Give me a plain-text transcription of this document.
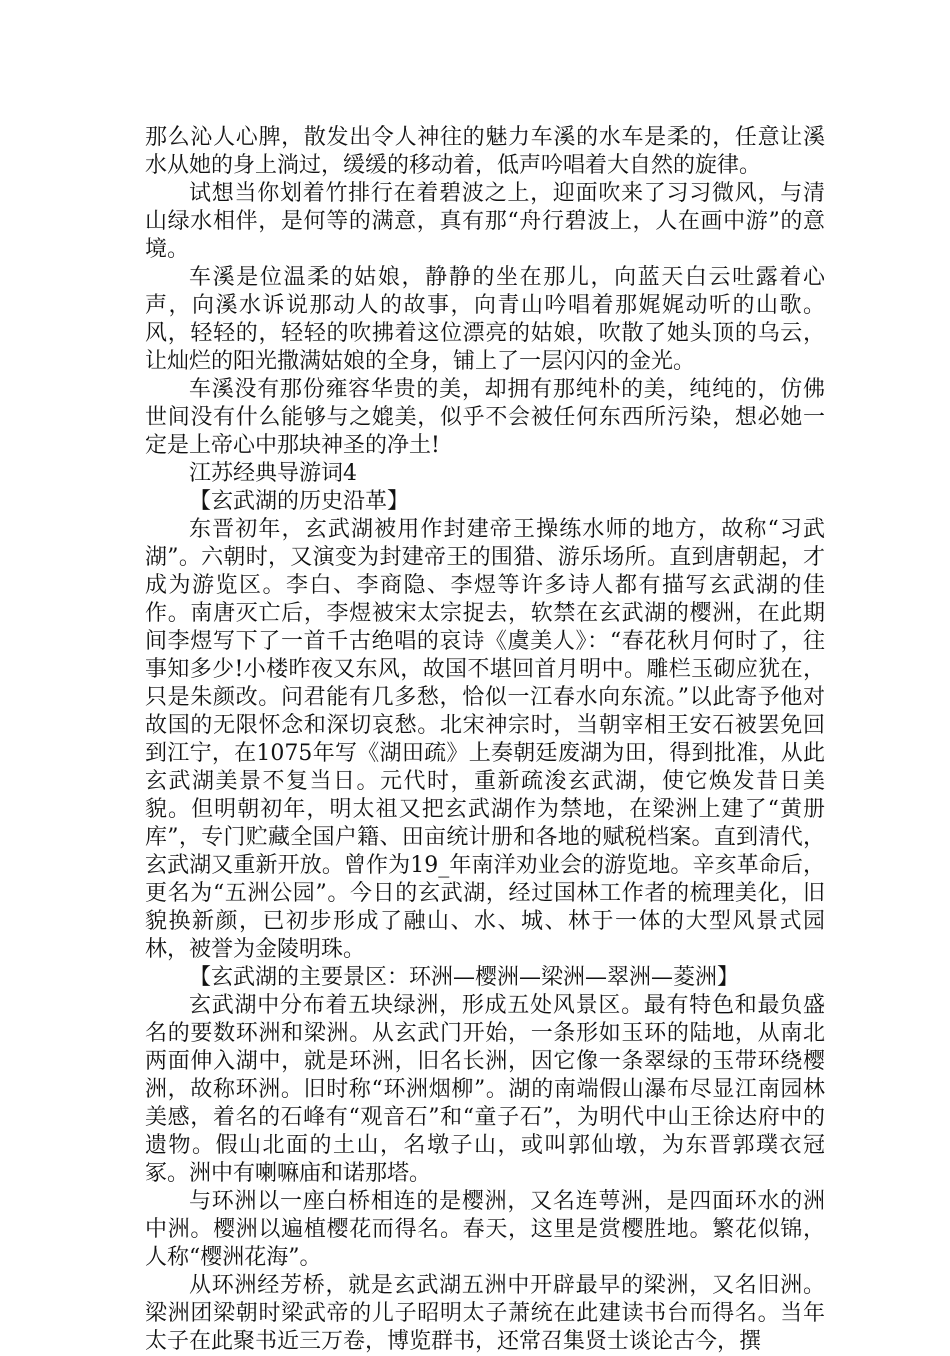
那么沁人心脾，散发出令人神往的魅力车溪的水车是柔的，任意让溪水从她的身上淌过，缓缓的移动着，低声吟唱着大自然的旋律。

试想当你划着竹排行在着碧波之上，迎面吹来了习习微风，与清山绿水相伴，是何等的满意，真有那“舟行碧波上，人在画中游”的意境。

车溪是位温柔的姑娘，静静的坐在那儿，向蓝天白云吐露着心声，向溪水诉说那动人的故事，向青山吟唱着那娓娓动听的山歌。风，轻轻的，轻轻的吹拂着这位漂亮的姑娘，吹散了她头顶的乌云，让灿烂的阳光撒满姑娘的全身，铺上了一层闪闪的金光。

车溪没有那份雍容华贵的美，却拥有那纯朴的美，纯纯的，仿佛世间没有什么能够与之媲美，似乎不会被任何东西所污染，想必她一定是上帝心中那块神圣的净土!

江苏经典导游词4

【玄武湖的历史沿革】

东晋初年，玄武湖被用作封建帝王操练水师的地方，故称“习武湖”。六朝时，又演变为封建帝王的围猎、游乐场所。直到唐朝起，才成为游览区。李白、李商隐、李煜等许多诗人都有描写玄武湖的佳作。南唐灭亡后，李煜被宋太宗捉去，软禁在玄武湖的樱洲，在此期间李煜写下了一首千古绝唱的哀诗《虞美人》：“春花秋月何时了，往事知多少!小楼昨夜又东风，故国不堪回首月明中。雕栏玉砌应犹在，只是朱颜改。问君能有几多愁，恰似一江春水向东流。”以此寄予他对故国的无限怀念和深切哀愁。北宋神宗时，当朝宰相王安石被罢免回到江宁，在1075年写《湖田疏》上奏朝廷废湖为田，得到批准，从此玄武湖美景不复当日。元代时，重新疏浚玄武湖，使它焕发昔日美貌。但明朝初年，明太祖又把玄武湖作为禁地，在梁洲上建了“黄册库”，专门贮藏全国户籍、田亩统计册和各地的赋税档案。直到清代，玄武湖又重新开放。曾作为19_年南洋劝业会的游览地。辛亥革命后，更名为“五洲公园”。今日的玄武湖，经过国林工作者的梳理美化，旧貌换新颜，已初步形成了融山、水、城、林于一体的大型风景式园林，被誉为金陵明珠。

【玄武湖的主要景区：环洲—樱洲—梁洲—翠洲—菱洲】

玄武湖中分布着五块绿洲，形成五处风景区。最有特色和最负盛名的要数环洲和梁洲。从玄武门开始，一条形如玉环的陆地，从南北两面伸入湖中，就是环洲，旧名长洲，因它像一条翠绿的玉带环绕樱洲，故称环洲。旧时称“环洲烟柳”。湖的南端假山瀑布尽显江南园林美感，着名的石峰有“观音石”和“童子石”，为明代中山王徐达府中的遗物。假山北面的土山，名墩子山，或叫郭仙墩，为东晋郭璞衣冠冢。洲中有喇嘛庙和诺那塔。

与环洲以一座白桥相连的是樱洲，又名连萼洲，是四面环水的洲中洲。樱洲以遍植樱花而得名。春天，这里是赏樱胜地。繁花似锦，人称“樱洲花海”。

从环洲经芳桥，就是玄武湖五洲中开辟最早的梁洲，又名旧洲。梁洲团梁朝时梁武帝的儿子昭明太子萧统在此建读书台而得名。当年太子在此聚书近三万卷，博览群书，还常召集贤士谈论古今，撰
